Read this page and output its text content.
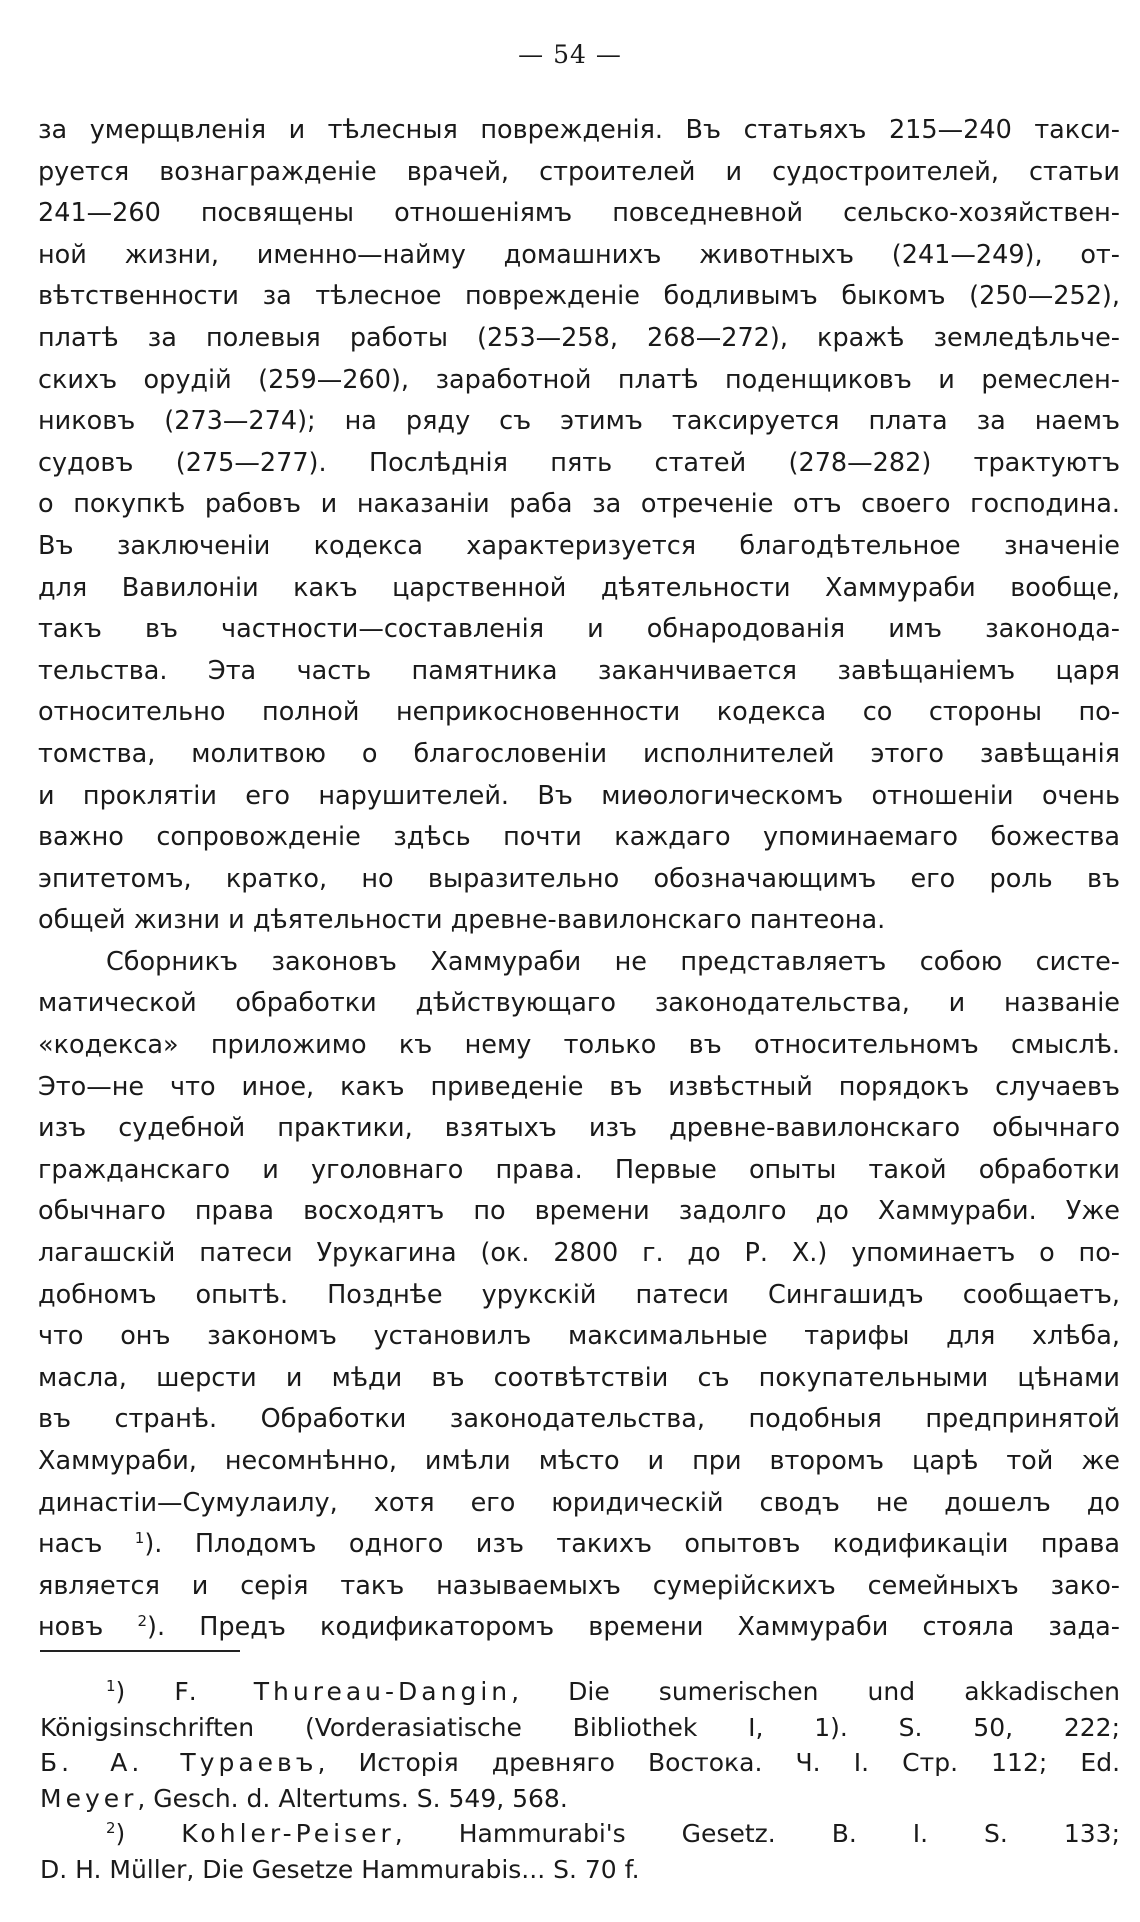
— 54 —
за умерщвленія и тѣлесныя поврежденія. Въ статьяхъ 215—240 такси-
руется вознагражденіе врачей, строителей и судостроителей, статьи
241—260 посвящены отношеніямъ повседневной сельско-хозяйствен-
ной жизни, именно—найму домашнихъ животныхъ (241—249), от-
вѣтственности за тѣлесное поврежденіе бодливымъ быкомъ (250—252),
платѣ за полевыя работы (253—258, 268—272), кражѣ земледѣльче-
скихъ орудій (259—260), заработной платѣ поденщиковъ и ремеслен-
никовъ (273—274); на ряду съ этимъ таксируется плата за наемъ
судовъ (275—277). Послѣднія пять статей (278—282) трактуютъ
о покупкѣ рабовъ и наказаніи раба за отреченіе отъ своего господина.
Въ заключеніи кодекса характеризуется благодѣтельное значеніе
для Вавилоніи какъ царственной дѣятельности Хаммураби вообще,
такъ въ частности—составленія и обнародованія имъ законода-
тельства. Эта часть памятника заканчивается завѣщаніемъ царя
относительно полной неприкосновенности кодекса со стороны по-
томства, молитвою о благословеніи исполнителей этого завѣщанія
и проклятіи его нарушителей. Въ миѳологическомъ отношеніи очень
важно сопровожденіе здѣсь почти каждаго упоминаемаго божества
эпитетомъ, кратко, но выразительно обозначающимъ его роль въ
общей жизни и дѣятельности древне-вавилонскаго пантеона.
Сборникъ законовъ Хаммураби не представляетъ собою систе-
матической обработки дѣйствующаго законодательства, и названіе
«кодекса» приложимо къ нему только въ относительномъ смыслѣ.
Это—не что иное, какъ приведеніе въ извѣстный порядокъ случаевъ
изъ судебной практики, взятыхъ изъ древне-вавилонскаго обычнаго
гражданскаго и уголовнаго права. Первые опыты такой обработки
обычнаго права восходятъ по времени задолго до Хаммураби. Уже
лагашскій патеси Урукагина (ок. 2800 г. до Р. Х.) упоминаетъ о по-
добномъ опытѣ. Позднѣе урукскій патеси Сингашидъ сообщаетъ,
что онъ закономъ установилъ максимальные тарифы для хлѣба,
масла, шерсти и мѣди въ соотвѣтствіи съ покупательными цѣнами
въ странѣ. Обработки законодательства, подобныя предпринятой
Хаммураби, несомнѣнно, имѣли мѣсто и при второмъ царѣ той же
династіи—Сумулаилу, хотя его юридическій сводъ не дошелъ до
насъ $^1$). Плодомъ одного изъ такихъ опытовъ кодификаціи права
является и серія такъ называемыхъ сумерійскихъ семейныхъ зако-
новъ $^2$). Предъ кодификаторомъ времени Хаммураби стояла зада-
$^1$) F. Thureau-Dangin, Die sumerischen und akkadischen
Königsinschriften (Vorderasiatische Bibliothek I, 1). S. 50, 222;
Б. А. Тураевъ, Исторія древняго Востока. Ч. I. Стр. 112; Ed.
Meyer, Gesch. d. Altertums. S. 549, 568.
$^2$) Kohler-Peiser, Hammurabi's Gesetz. B. I. S. 133;
D. H. Müller, Die Gesetze Hammurabis... S. 70 f.
